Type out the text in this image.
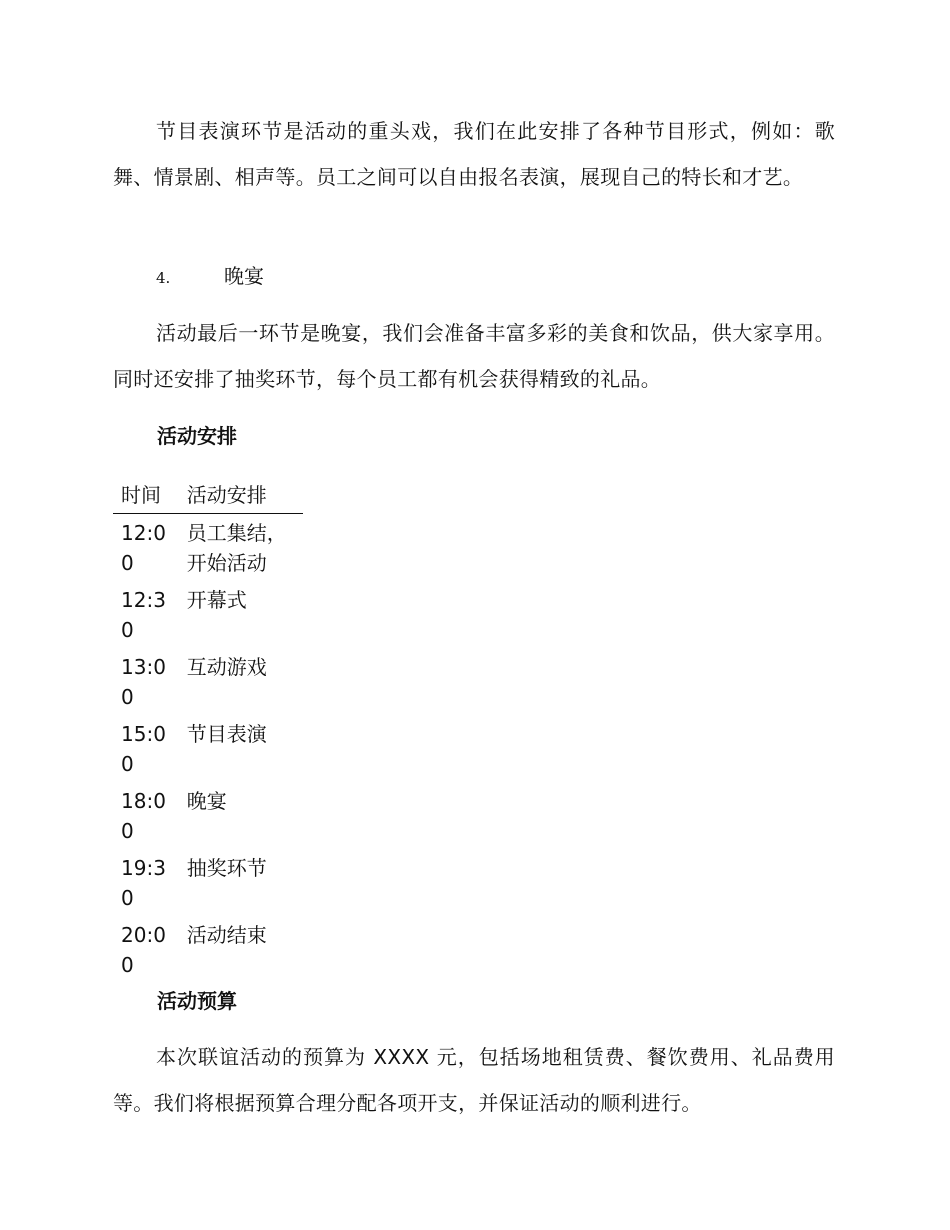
节目表演环节是活动的重头戏，我们在此安排了各种节目形式，例如：歌舞、情景剧、相声等。员工之间可以自由报名表演，展现自己的特长和才艺。

4.	晚宴

活动最后一环节是晚宴，我们会准备丰富多彩的美食和饮品，供大家享用。同时还安排了抽奖环节，每个员工都有机会获得精致的礼品。

活动安排
时间	活动安排
12:00	员工集结，开始活动
12:30	开幕式
13:00	互动游戏
15:00	节目表演
18:00	晚宴
19:30	抽奖环节
20:00	活动结束
活动预算

本次联谊活动的预算为 XXXX 元，包括场地租赁费、餐饮费用、礼品费用等。我们将根据预算合理分配各项开支，并保证活动的顺利进行。
